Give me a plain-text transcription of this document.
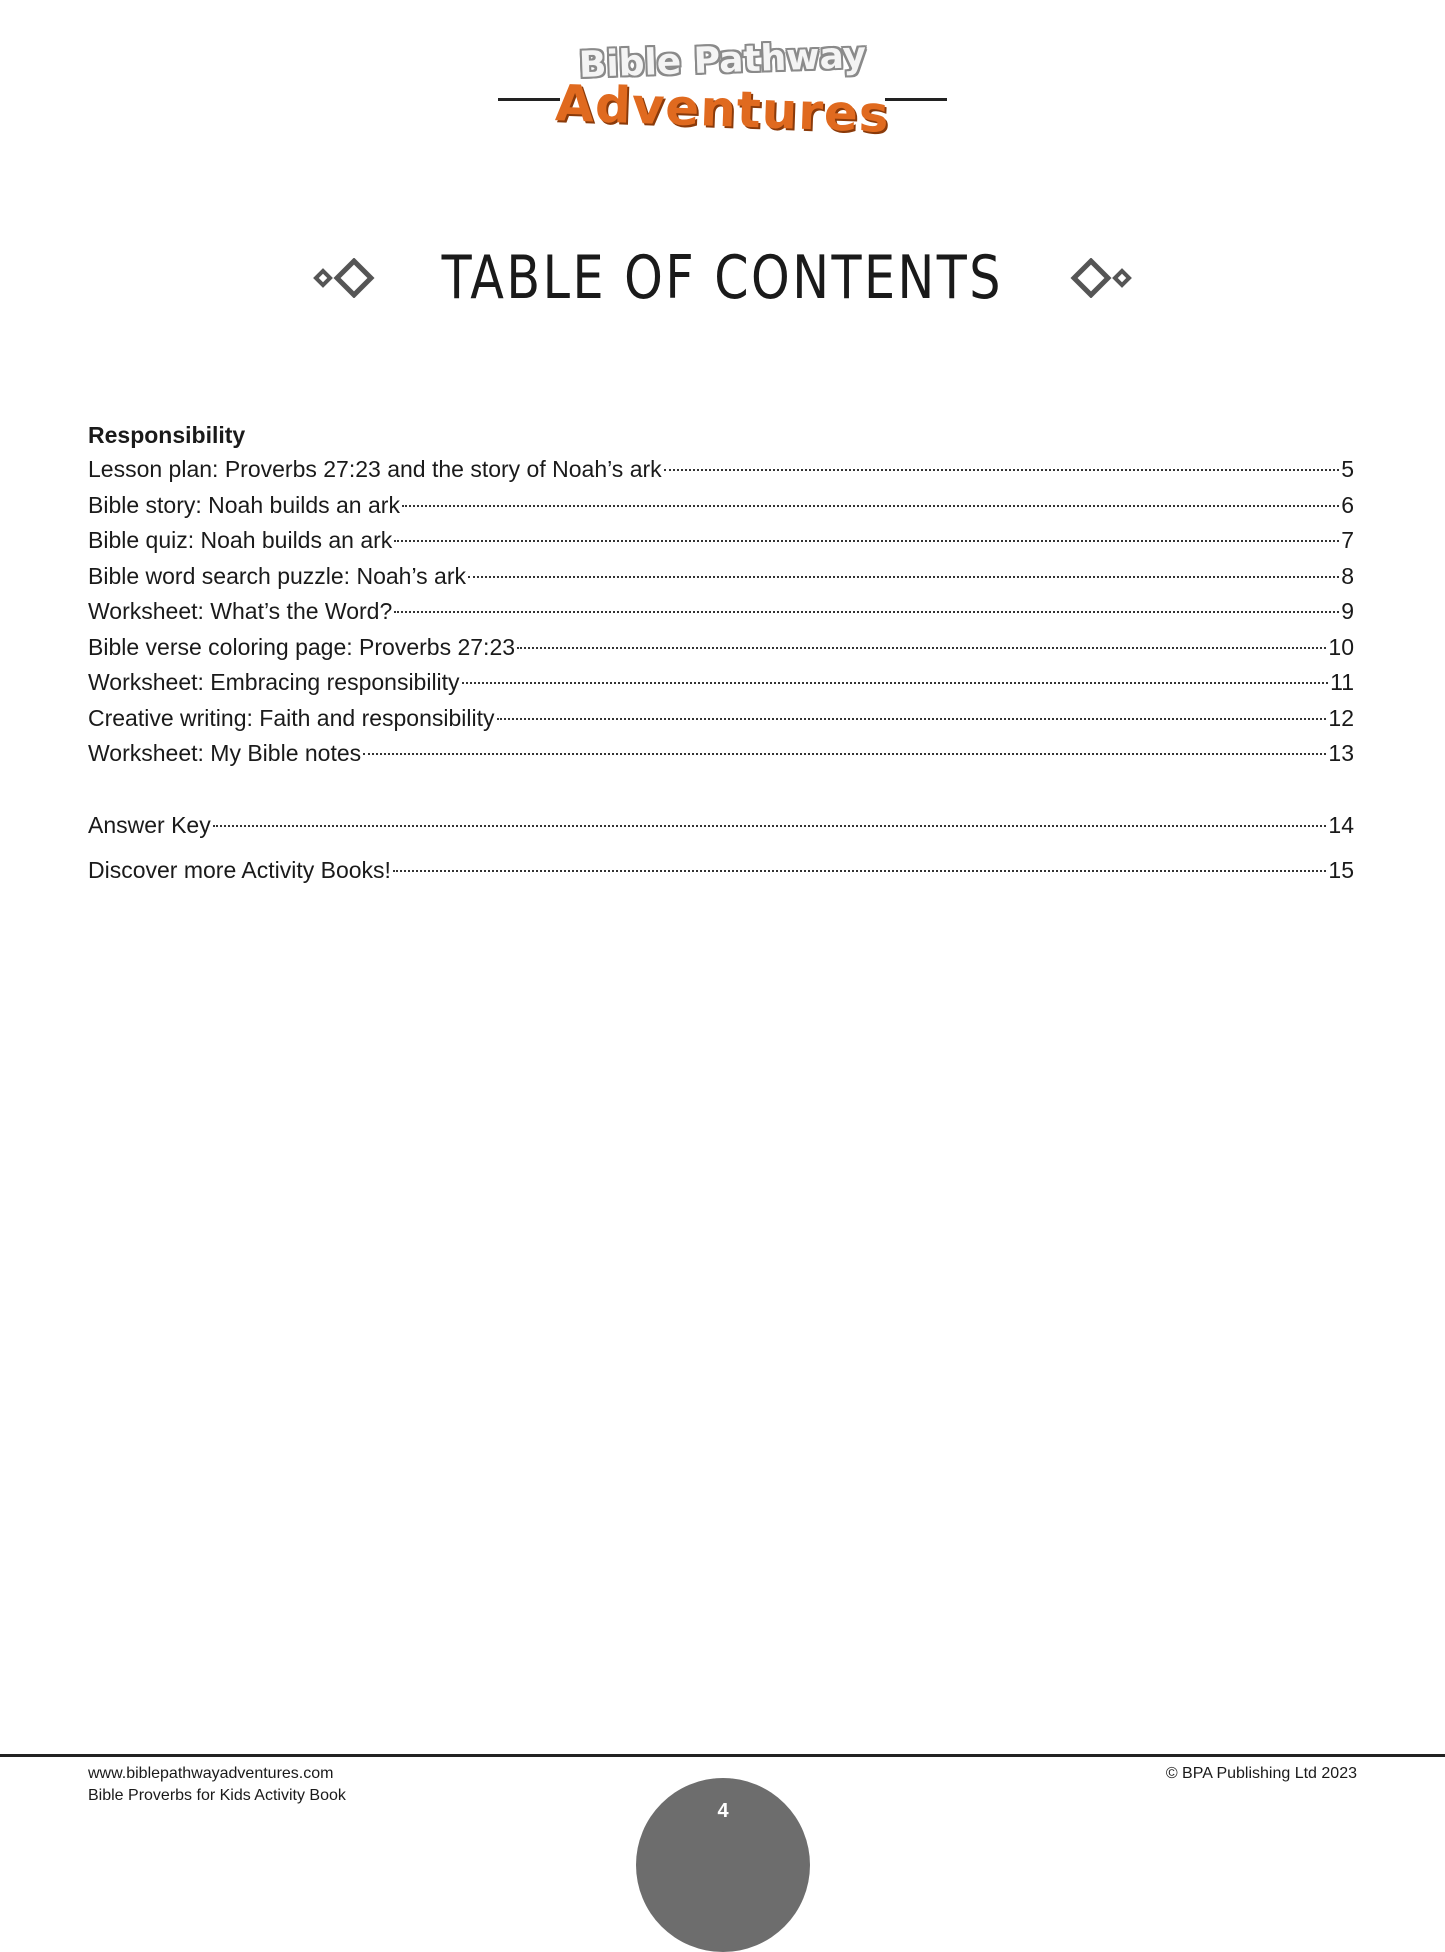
Bible Pathway
Adventures
TABLE OF CONTENTS
Responsibility
Lesson plan: Proverbs 27:23 and the story of Noah’s ark	5
Bible story: Noah builds an ark	6
Bible quiz: Noah builds an ark	7
Bible word search puzzle: Noah’s ark	8
Worksheet: What’s the Word?	9
Bible verse coloring page: Proverbs 27:23	10
Worksheet: Embracing responsibility	11
Creative writing: Faith and responsibility	12
Worksheet: My Bible notes	13
Answer Key	14
Discover more Activity Books!	15
www.biblepathwayadventures.com
Bible Proverbs for Kids Activity Book
© BPA Publishing Ltd 2023
4
